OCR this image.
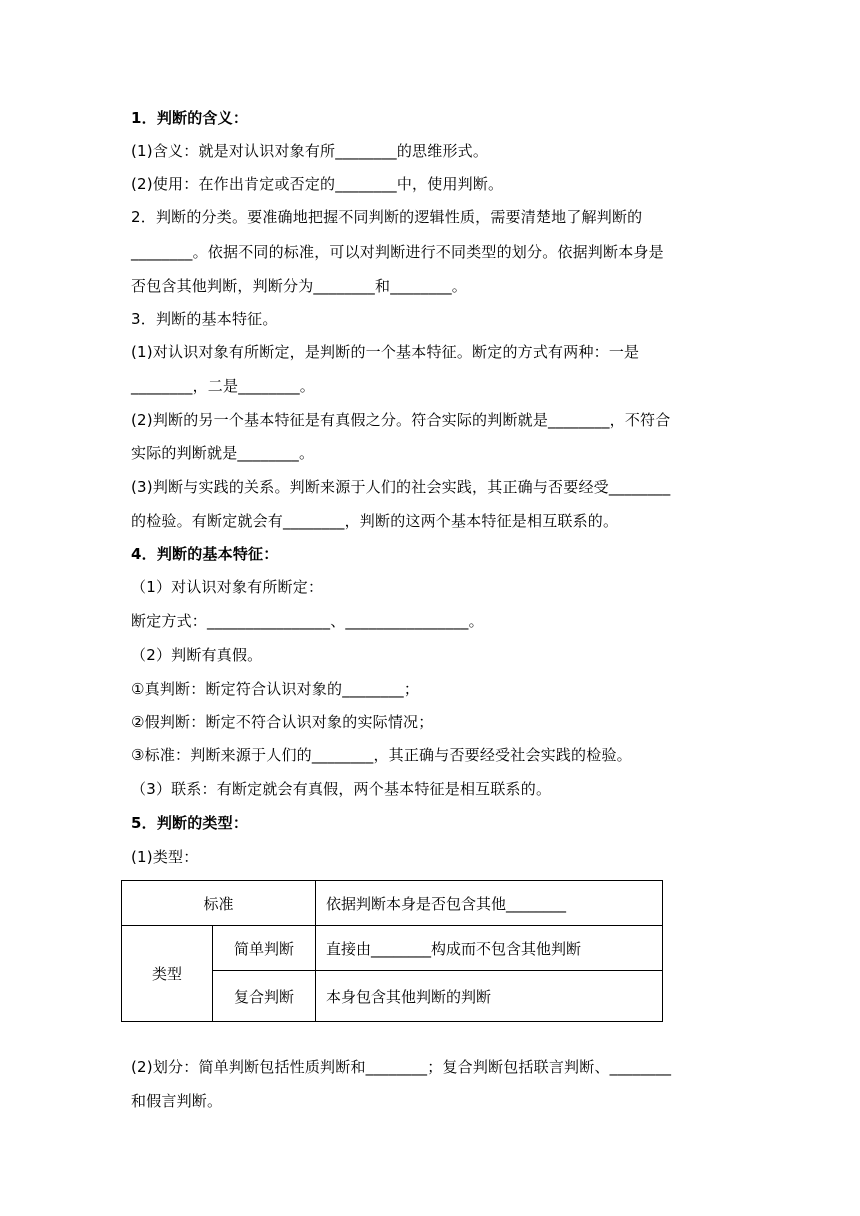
1．判断的含义：
(1)含义：就是对认识对象有所________的思维形式。
(2)使用：在作出肯定或否定的________中，使用判断。
2．判断的分类。要准确地把握不同判断的逻辑性质，需要清楚地了解判断的
________。依据不同的标准，可以对判断进行不同类型的划分。依据判断本身是
否包含其他判断，判断分为________和________。
3．判断的基本特征。
(1)对认识对象有所断定，是判断的一个基本特征。断定的方式有两种：一是
________，二是________。
(2)判断的另一个基本特征是有真假之分。符合实际的判断就是________，不符合
实际的判断就是________。
(3)判断与实践的关系。判断来源于人们的社会实践，其正确与否要经受________
的检验。有断定就会有________，判断的这两个基本特征是相互联系的。
4．判断的基本特征：
（1）对认识对象有所断定：
断定方式：________________、________________。
（2）判断有真假。
①真判断：断定符合认识对象的________；
②假判断：断定不符合认识对象的实际情况；
③标准：判断来源于人们的________，其正确与否要经受社会实践的检验。
（3）联系：有断定就会有真假，两个基本特征是相互联系的。
5．判断的类型：
(1)类型：
标准		依据判断本身是否包含其他________
类型	简单判断	直接由________构成而不包含其他判断
	复合判断	本身包含其他判断的判断
(2)划分：简单判断包括性质判断和________；复合判断包括联言判断、________
和假言判断。
